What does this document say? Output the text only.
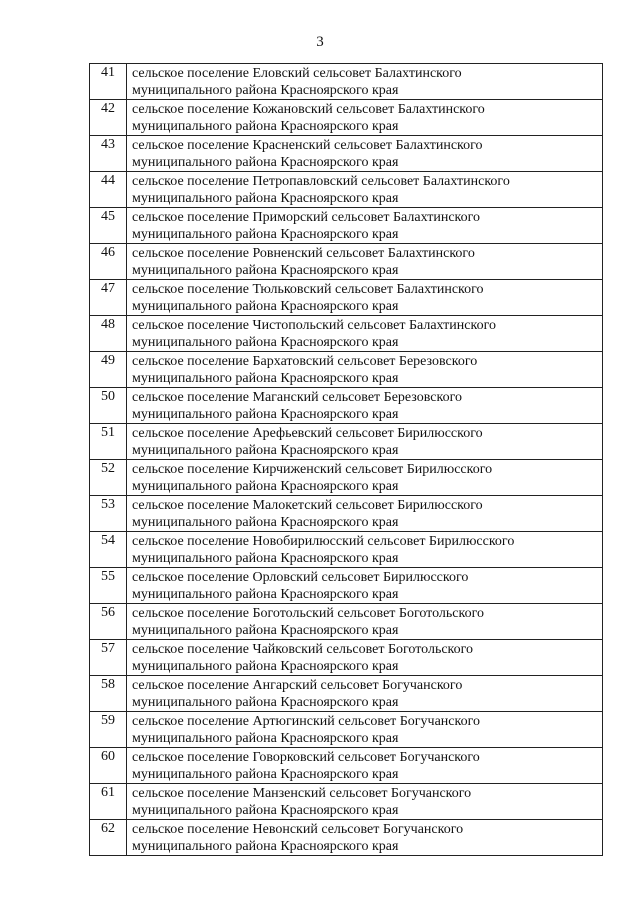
3
41	сельское поселение Еловский сельсовет Балахтинского
муниципального района Красноярского края

42	сельское поселение Кожановский сельсовет Балахтинского
муниципального района Красноярского края

43	сельское поселение Красненский сельсовет Балахтинского
муниципального района Красноярского края

44	сельское поселение Петропавловский сельсовет Балахтинского
муниципального района Красноярского края

45	сельское поселение Приморский сельсовет Балахтинского
муниципального района Красноярского края

46	сельское поселение Ровненский сельсовет Балахтинского
муниципального района Красноярского края

47	сельское поселение Тюльковский сельсовет Балахтинского
муниципального района Красноярского края

48	сельское поселение Чистопольский сельсовет Балахтинского
муниципального района Красноярского края

49	сельское поселение Бархатовский сельсовет Березовского
муниципального района Красноярского края

50	сельское поселение Маганский сельсовет Березовского
муниципального района Красноярского края

51	сельское поселение Арефьевский сельсовет Бирилюсского
муниципального района Красноярского края

52	сельское поселение Кирчиженский сельсовет Бирилюсского
муниципального района Красноярского края

53	сельское поселение Малокетский сельсовет Бирилюсского
муниципального района Красноярского края

54	сельское поселение Новобирилюсский сельсовет Бирилюсского
муниципального района Красноярского края

55	сельское поселение Орловский сельсовет Бирилюсского
муниципального района Красноярского края

56	сельское поселение Боготольский сельсовет Боготольского
муниципального района Красноярского края

57	сельское поселение Чайковский сельсовет Боготольского
муниципального района Красноярского края

58	сельское поселение Ангарский сельсовет Богучанского
муниципального района Красноярского края

59	сельское поселение Артюгинский сельсовет Богучанского
муниципального района Красноярского края

60	сельское поселение Говорковский сельсовет Богучанского
муниципального района Красноярского края

61	сельское поселение Манзенский сельсовет Богучанского
муниципального района Красноярского края

62	сельское поселение Невонский сельсовет Богучанского
муниципального района Красноярского края
